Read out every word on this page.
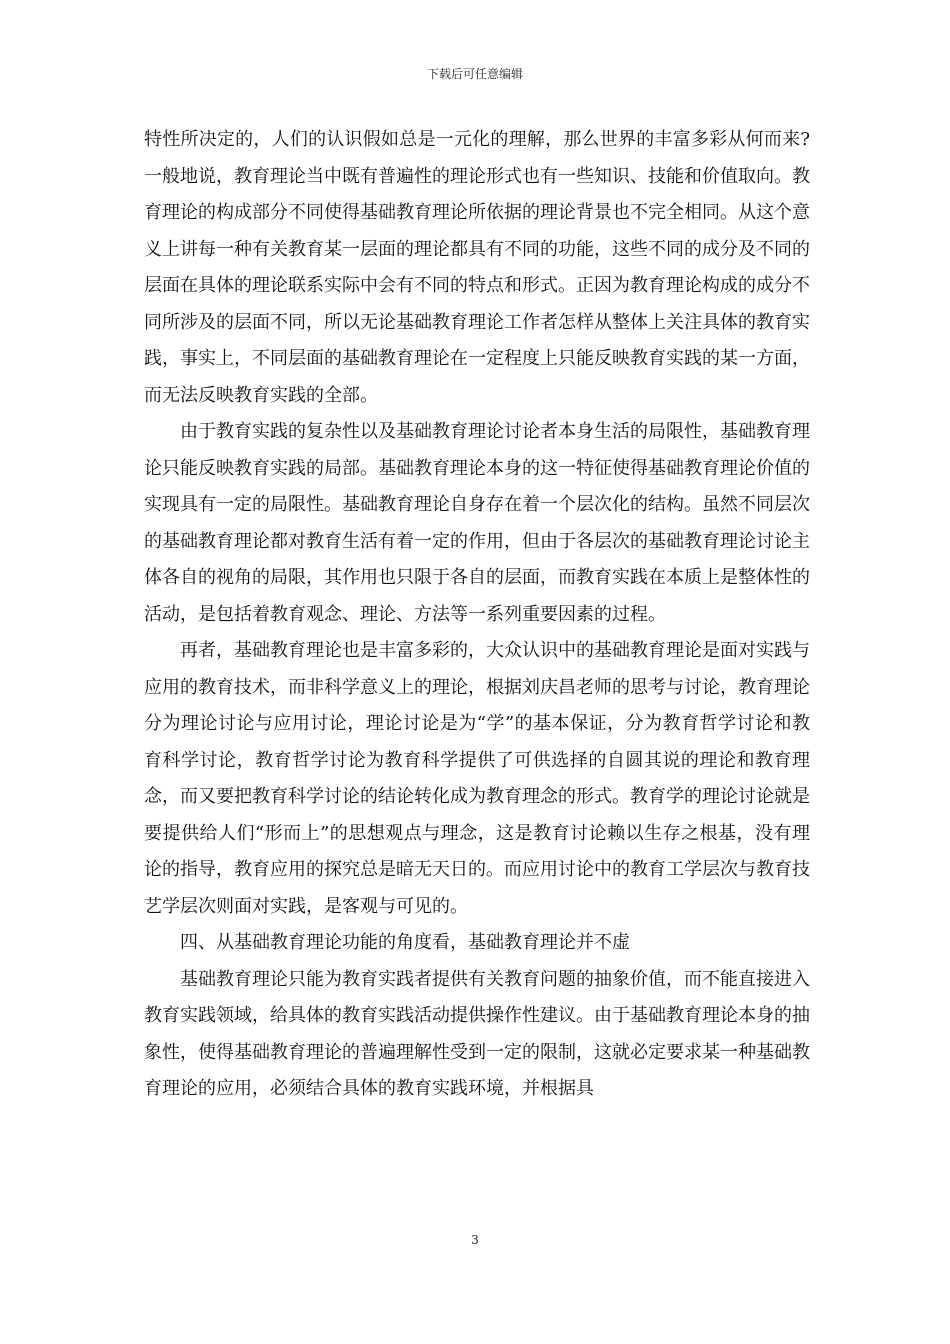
下载后可任意编辑

特性所决定的，人们的认识假如总是一元化的理解，那么世界的丰富多彩从何而来?一般地说，教育理论当中既有普遍性的理论形式也有一些知识、技能和价值取向。教育理论的构成部分不同使得基础教育理论所依据的理论背景也不完全相同。从这个意义上讲每一种有关教育某一层面的理论都具有不同的功能，这些不同的成分及不同的层面在具体的理论联系实际中会有不同的特点和形式。正因为教育理论构成的成分不同所涉及的层面不同，所以无论基础教育理论工作者怎样从整体上关注具体的教育实践，事实上，不同层面的基础教育理论在一定程度上只能反映教育实践的某一方面，而无法反映教育实践的全部。

由于教育实践的复杂性以及基础教育理论讨论者本身生活的局限性，基础教育理论只能反映教育实践的局部。基础教育理论本身的这一特征使得基础教育理论价值的实现具有一定的局限性。基础教育理论自身存在着一个层次化的结构。虽然不同层次的基础教育理论都对教育生活有着一定的作用，但由于各层次的基础教育理论讨论主体各自的视角的局限，其作用也只限于各自的层面，而教育实践在本质上是整体性的活动，是包括着教育观念、理论、方法等一系列重要因素的过程。

再者，基础教育理论也是丰富多彩的，大众认识中的基础教育理论是面对实践与应用的教育技术，而非科学意义上的理论，根据刘庆昌老师的思考与讨论，教育理论分为理论讨论与应用讨论，理论讨论是为“学”的基本保证，分为教育哲学讨论和教育科学讨论，教育哲学讨论为教育科学提供了可供选择的自圆其说的理论和教育理念，而又要把教育科学讨论的结论转化成为教育理念的形式。教育学的理论讨论就是要提供给人们“形而上”的思想观点与理念，这是教育讨论赖以生存之根基，没有理论的指导，教育应用的探究总是暗无天日的。而应用讨论中的教育工学层次与教育技艺学层次则面对实践，是客观与可见的。

四、从基础教育理论功能的角度看，基础教育理论并不虚

基础教育理论只能为教育实践者提供有关教育问题的抽象价值，而不能直接进入教育实践领域，给具体的教育实践活动提供操作性建议。由于基础教育理论本身的抽象性，使得基础教育理论的普遍理解性受到一定的限制，这就必定要求某一种基础教育理论的应用，必须结合具体的教育实践环境，并根据具

3
